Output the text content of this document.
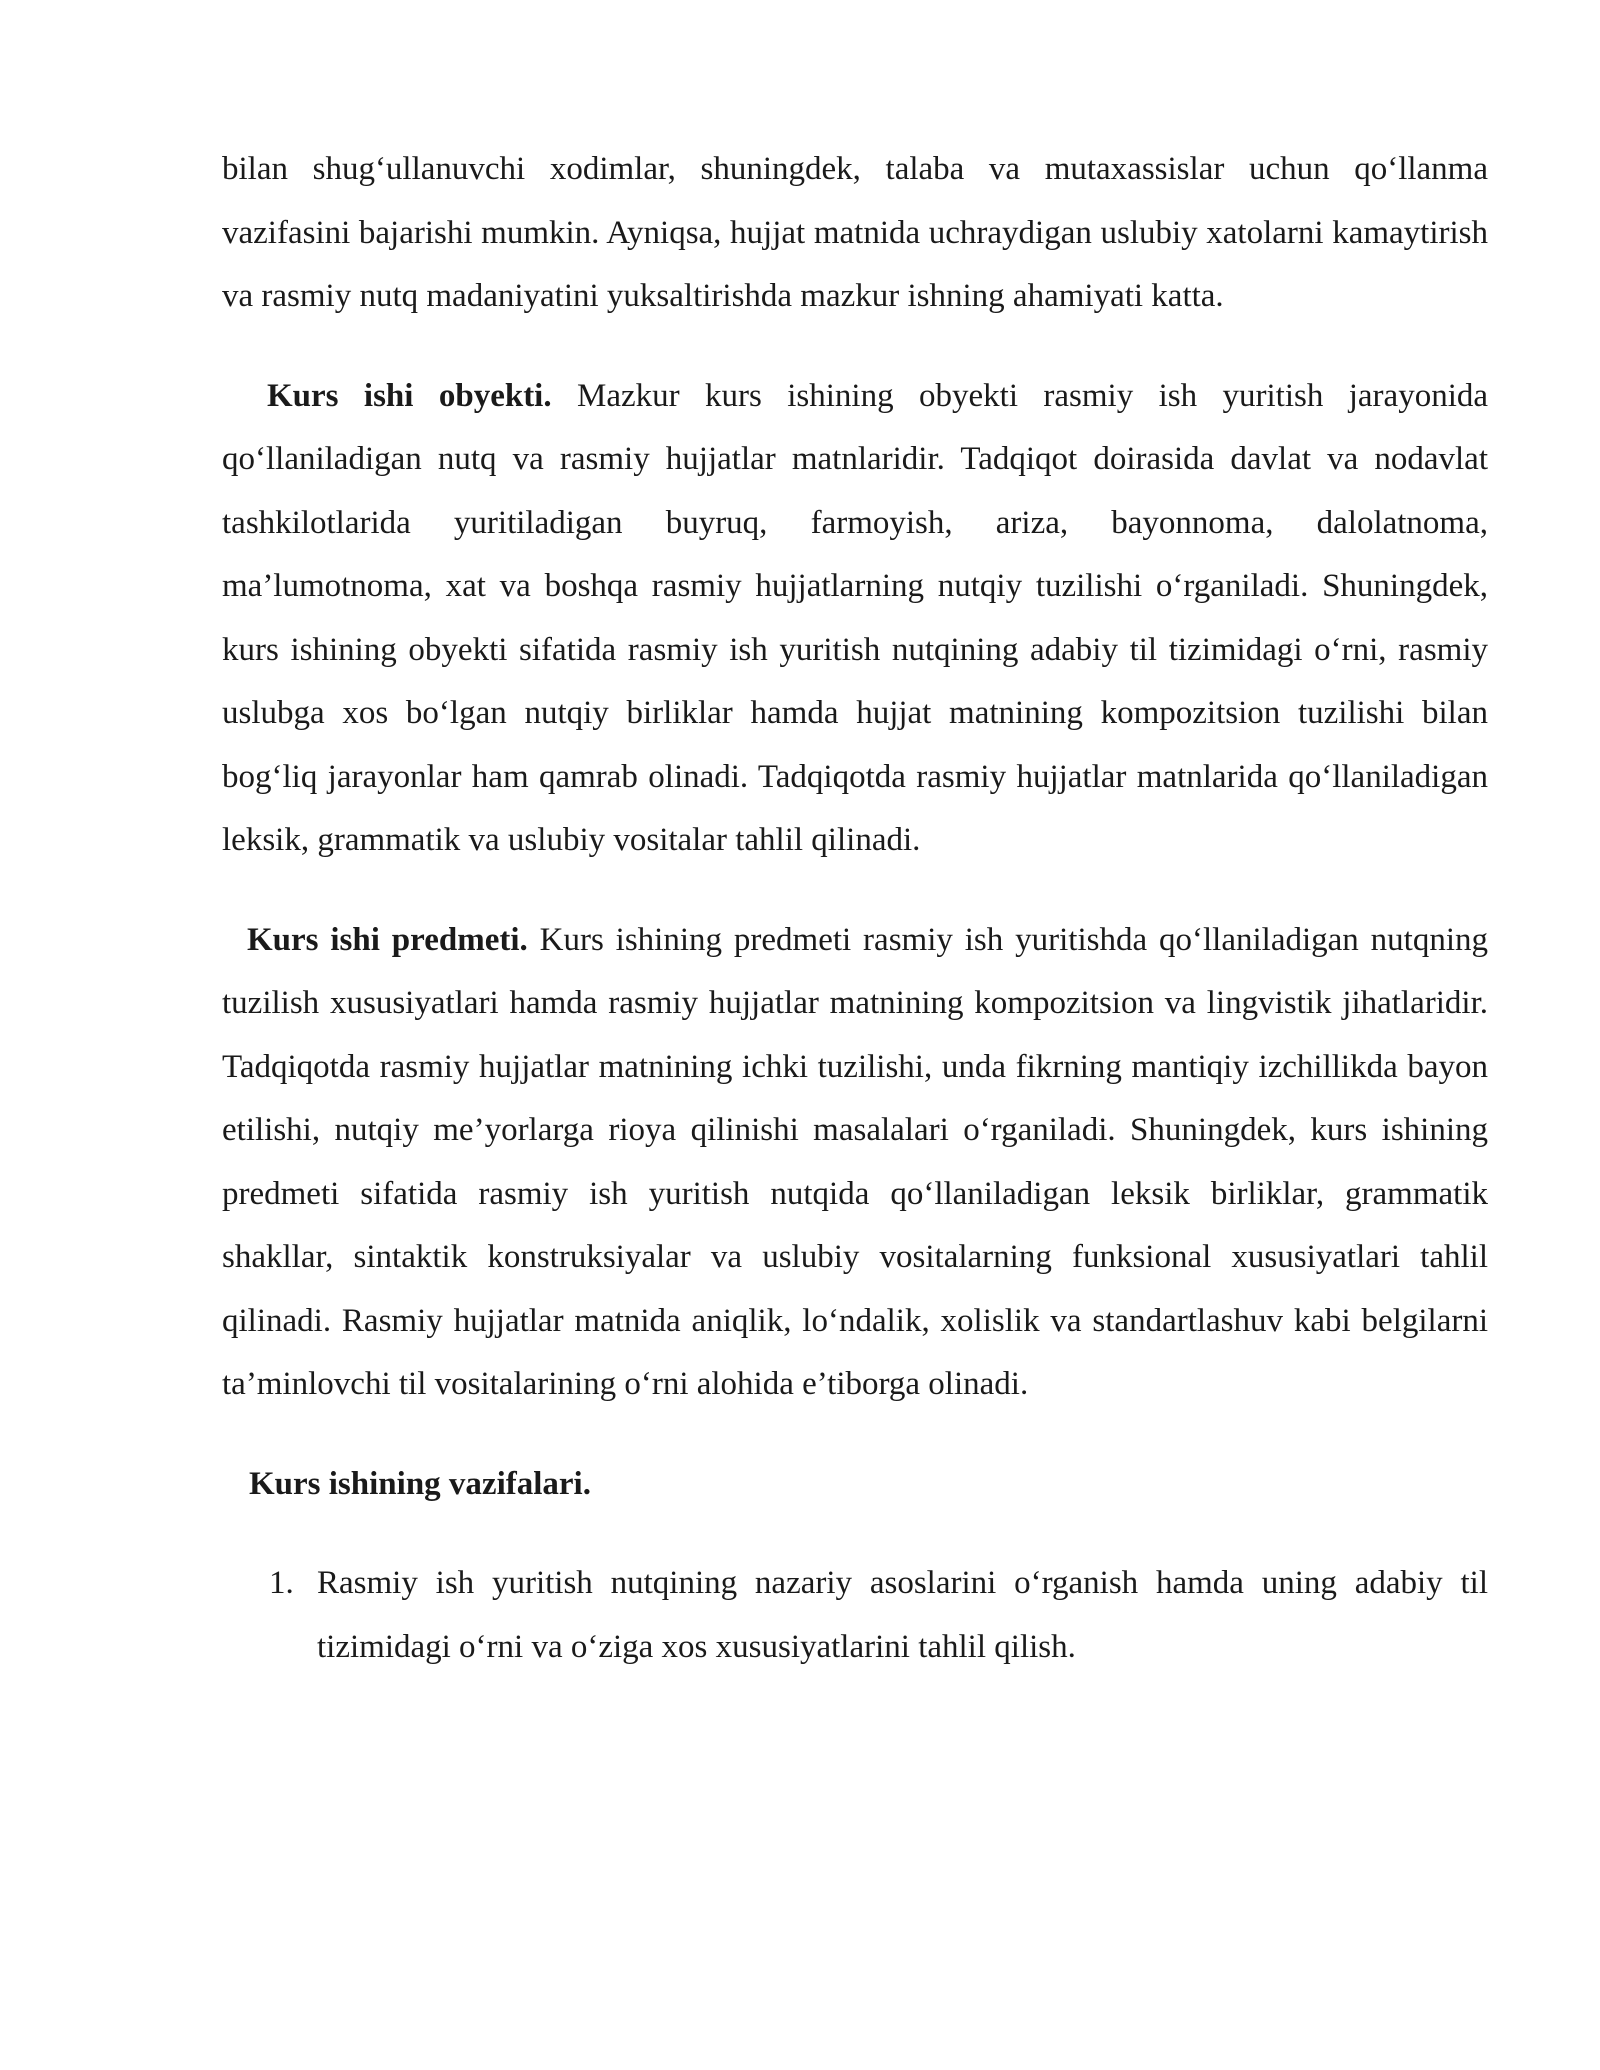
bilan shug‘ullanuvchi xodimlar, shuningdek, talaba va mutaxassislar uchun qo‘llanma vazifasini bajarishi mumkin. Ayniqsa, hujjat matnida uchraydigan uslubiy xatolarni kamaytirish va rasmiy nutq madaniyatini yuksaltirishda mazkur ishning ahamiyati katta.

Kurs ishi obyekti. Mazkur kurs ishining obyekti rasmiy ish yuritish jarayonida qo‘llaniladigan nutq va rasmiy hujjatlar matnlaridir. Tadqiqot doirasida davlat va nodavlat tashkilotlarida yuritiladigan buyruq, farmoyish, ariza, bayonnoma, dalolatnoma, ma’lumotnoma, xat va boshqa rasmiy hujjatlarning nutqiy tuzilishi o‘rganiladi. Shuningdek, kurs ishining obyekti sifatida rasmiy ish yuritish nutqining adabiy til tizimidagi o‘rni, rasmiy uslubga xos bo‘lgan nutqiy birliklar hamda hujjat matnining kompozitsion tuzilishi bilan bog‘liq jarayonlar ham qamrab olinadi. Tadqiqotda rasmiy hujjatlar matnlarida qo‘llaniladigan leksik, grammatik va uslubiy vositalar tahlil qilinadi.

Kurs ishi predmeti. Kurs ishining predmeti rasmiy ish yuritishda qo‘llaniladigan nutqning tuzilish xususiyatlari hamda rasmiy hujjatlar matnining kompozitsion va lingvistik jihatlaridir. Tadqiqotda rasmiy hujjatlar matnining ichki tuzilishi, unda fikrning mantiqiy izchillikda bayon etilishi, nutqiy me’yorlarga rioya qilinishi masalalari o‘rganiladi. Shuningdek, kurs ishining predmeti sifatida rasmiy ish yuritish nutqida qo‘llaniladigan leksik birliklar, grammatik shakllar, sintaktik konstruksiyalar va uslubiy vositalarning funksional xususiyatlari tahlil qilinadi. Rasmiy hujjatlar matnida aniqlik, lo‘ndalik, xolislik va standartlashuv kabi belgilarni ta’minlovchi til vositalarining o‘rni alohida e’tiborga olinadi.

Kurs ishining vazifalari.
1. Rasmiy ish yuritish nutqining nazariy asoslarini o‘rganish hamda uning adabiy til tizimidagi o‘rni va o‘ziga xos xususiyatlarini tahlil qilish.
